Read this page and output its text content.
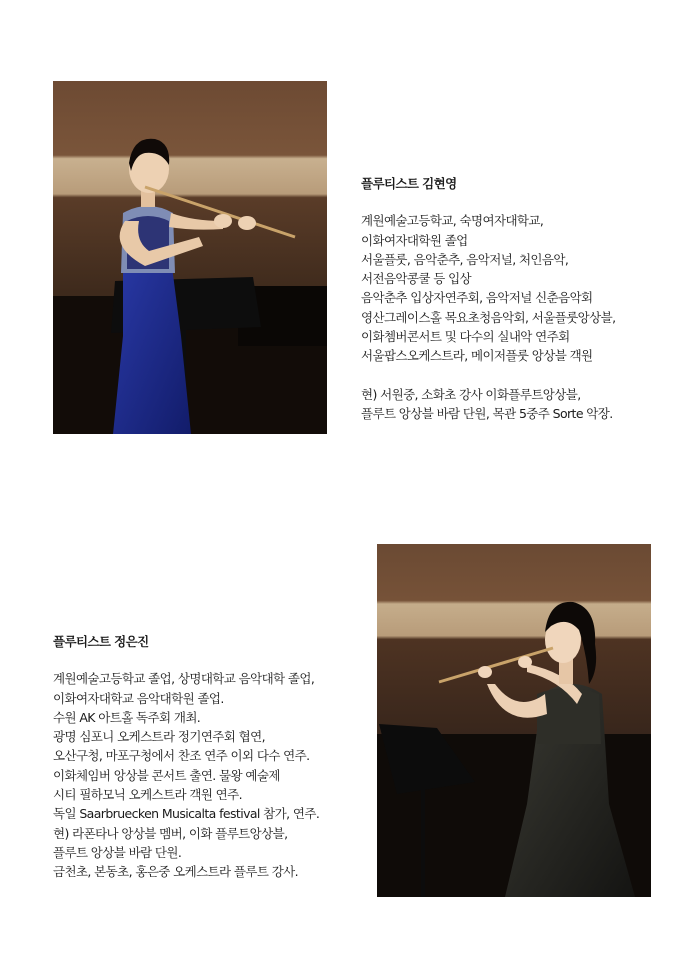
플루티스트 김현영
계원예술고등학교, 숙명여자대학교,
이화여자대학원 졸업
서울플룻, 음악춘추, 음악저널, 처인음악,
서전음악콩쿨 등 입상
음악춘추 입상자연주회, 음악저널 신춘음악회
영산그레이스홀 목요초청음악회, 서울플룻앙상블,
이화쳄버콘서트 및 다수의 실내악 연주회
서울팝스오케스트라, 메이저플룻 앙상블 객원
현) 서원중, 소화초 강사 이화플루트앙상블,
플루트 앙상블 바람 단원, 목관 5중주 Sorte 악장.
플루티스트 정은진
계원예술고등학교 졸업, 상명대학교 음악대학 졸업,
이화여자대학교 음악대학원 졸업.
수원 AK 아트홀 독주회 개최.
광명 심포니 오케스트라 정기연주회 협연,
오산구청, 마포구청에서 찬조 연주 이외 다수 연주.
이화체임버 앙상블 콘서트 출연. 물왕 예술제
시티 필하모닉 오케스트라 객원 연주.
독일 Saarbruecken Musicalta festival 참가, 연주.
현) 라폰타나 앙상블 멤버, 이화 플루트앙상블,
플루트 앙상블 바람 단원.
금천초, 본동초, 홍은중 오케스트라 플루트 강사.
